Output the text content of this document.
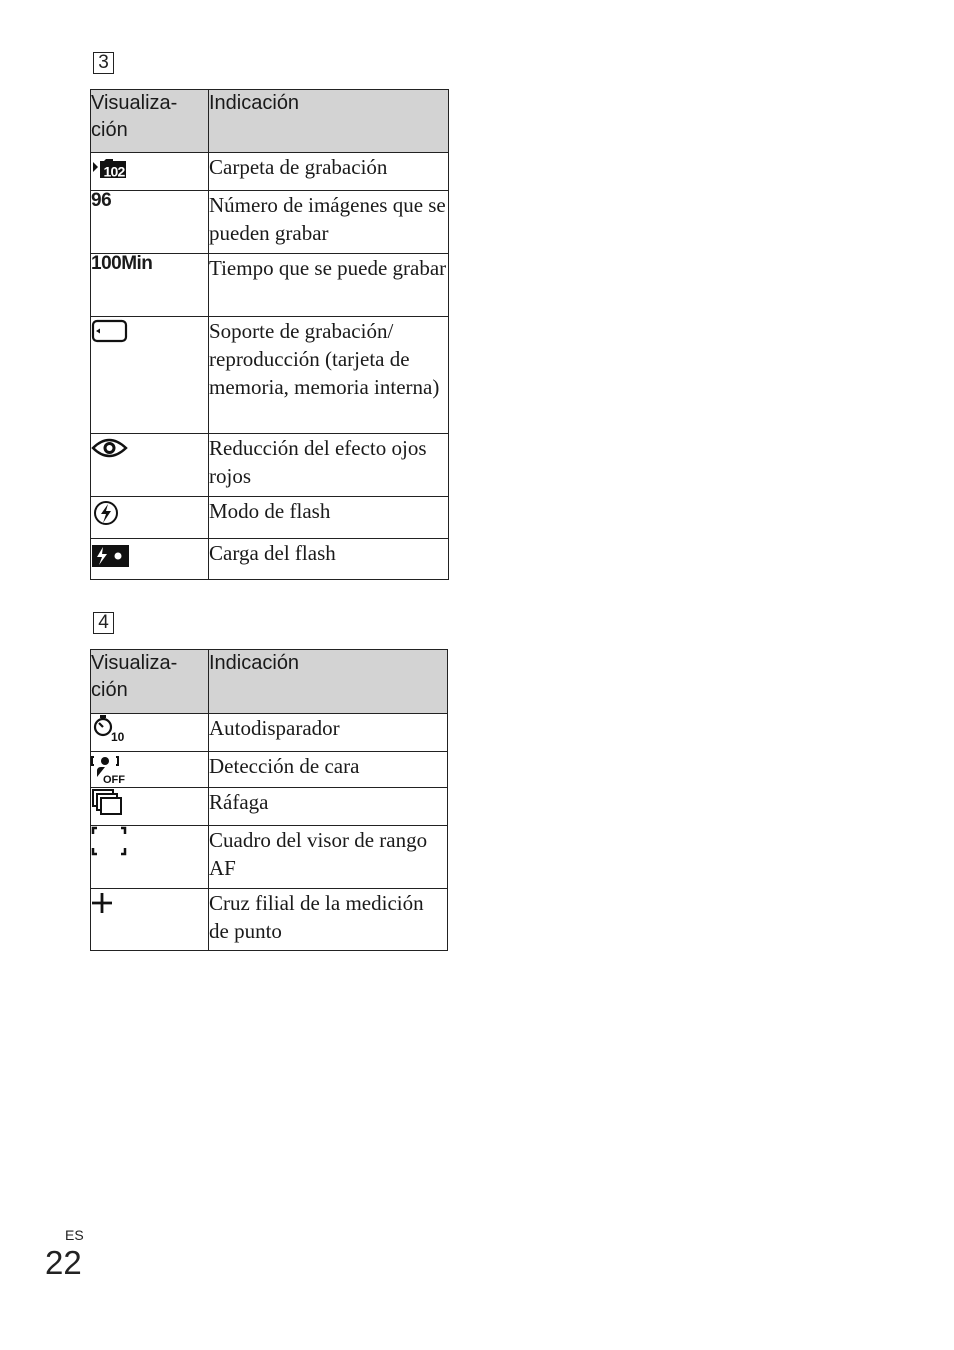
3
Visualiza-
ción	Indicación

102	Carpeta de grabación
96	Número de imágenes que se pueden grabar
100Min	Tiempo que se puede grabar

	Soporte de grabación/ reproducción (tarjeta de memoria, memoria interna)

	Reducción del efecto ojos rojos

	Modo de flash

	Carga del flash
4
Visualiza-
ción	Indicación

10	Autodisparador

OFF	Detección de cara

	Ráfaga

	Cuadro del visor de rango AF

	Cruz filial de la medición de punto
ES
22
